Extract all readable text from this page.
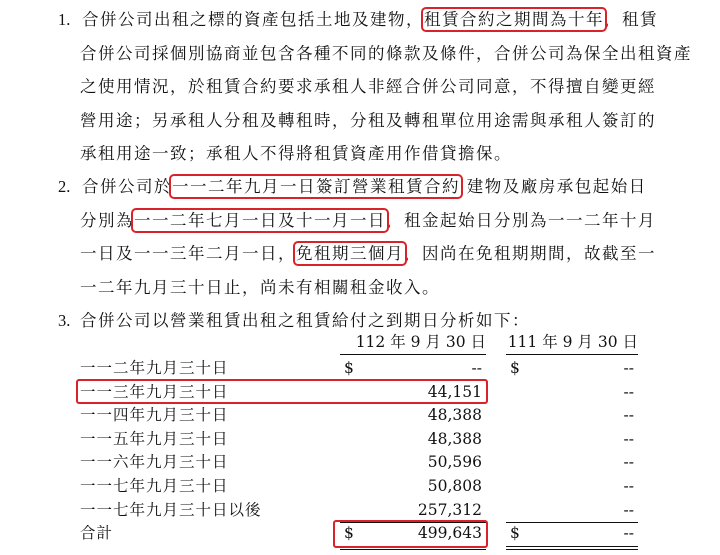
1. 合併公司出租之標的資產包括土地及建物，租賃合約之期間為十年，租賃
合併公司採個別協商並包含各種不同的條款及條件，合併公司為保全出租資產
之使用情況，於租賃合約要求承租人非經合併公司同意，不得擅自變更經
營用途；另承租人分租及轉租時，分租及轉租單位用途需與承租人簽訂的
承租用途一致；承租人不得將租賃資產用作借貸擔保。
2. 合併公司於一一二年九月一日簽訂營業租賃合約 建物及廠房承包起始日
分別為一一二年七月一日及十一月一日，租金起始日分別為一一二年十月
一日及一一三年二月一日，免租期三個月，因尚在免租期期間，故截至一
一二年九月三十日止，尚未有相關租金收入。
3. 合併公司以營業租賃出租之租賃給付之到期日分析如下：
112 年 9 月 30 日 111 年 9 月 30 日
一一二年九月三十日	$	-- $	--
一一三年九月三十日	44,151	--
一一四年九月三十日	48,388	--
一一五年九月三十日	48,388	--
一一六年九月三十日	50,596	--
一一七年九月三十日	50,808	--
一一七年九月三十日以後	257,312	--
合計	$	499,643 $	--
